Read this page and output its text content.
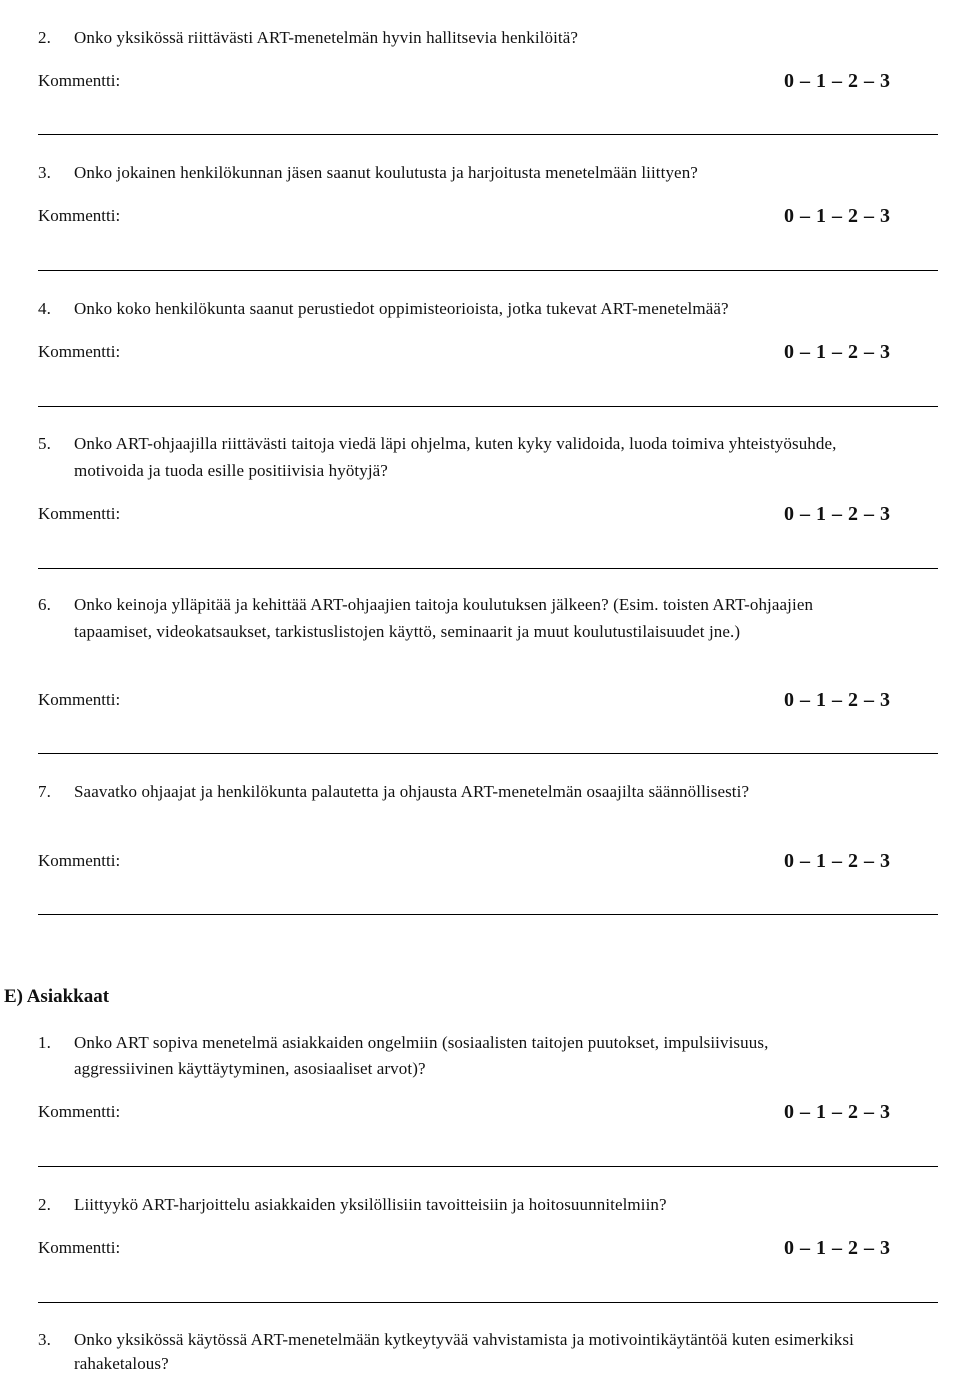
2. Onko yksikössä riittävästi ART-menetelmän hyvin hallitsevia henkilöitä?
Kommentti:	0 – 1 – 2 – 3
3. Onko jokainen henkilökunnan jäsen saanut koulutusta ja harjoitusta menetelmään liittyen?
Kommentti:	0 – 1 – 2 – 3
4. Onko koko henkilökunta saanut perustiedot oppimisteorioista, jotka tukevat ART-menetelmää?
Kommentti:	0 – 1 – 2 – 3
5. Onko ART-ohjaajilla riittävästi taitoja viedä läpi ohjelma, kuten kyky validoida, luoda toimiva yhteistyösuhde,
motivoida ja tuoda esille positiivisia hyötyjä?
Kommentti:	0 – 1 – 2 – 3
6. Onko keinoja ylläpitää ja kehittää ART-ohjaajien taitoja koulutuksen jälkeen? (Esim. toisten ART-ohjaajien
tapaamiset, videokatsaukset, tarkistuslistojen käyttö, seminaarit ja muut koulutustilaisuudet jne.)
Kommentti:	0 – 1 – 2 – 3
7. Saavatko ohjaajat ja henkilökunta palautetta ja ohjausta ART-menetelmän osaajilta säännöllisesti?
Kommentti:	0 – 1 – 2 – 3
E) Asiakkaat
1. Onko ART sopiva menetelmä asiakkaiden ongelmiin (sosiaalisten taitojen puutokset, impulsiivisuus,
aggressiivinen käyttäytyminen, asosiaaliset arvot)?
Kommentti:	0 – 1 – 2 – 3
2. Liittyykö ART-harjoittelu asiakkaiden yksilöllisiin tavoitteisiin ja hoitosuunnitelmiin?
Kommentti:	0 – 1 – 2 – 3
3. Onko yksikössä käytössä ART-menetelmään kytkeytyvää vahvistamista ja motivointikäytäntöä kuten esimerkiksi
rahaketalous?
